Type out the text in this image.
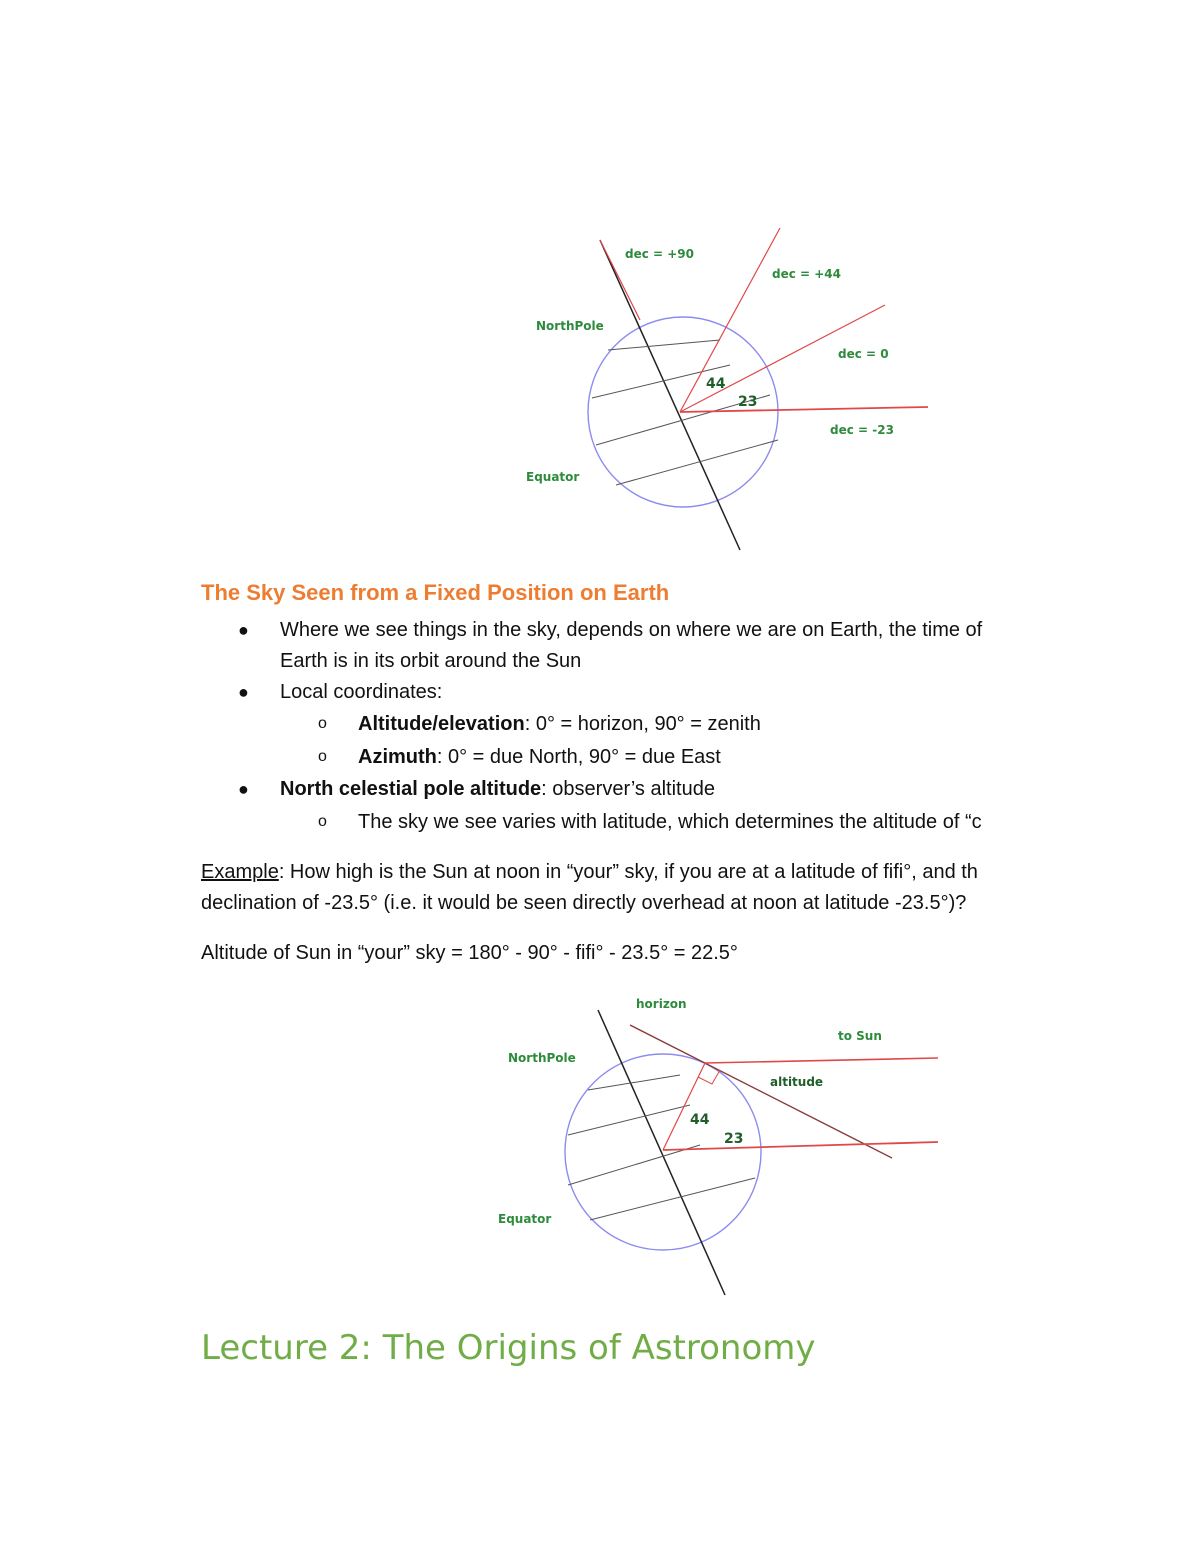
dec = +90
dec = +44
dec = 0
dec = -23
NorthPole
Equator
44
23
The Sky Seen from a Fixed Position on Earth
● Where we see things in the sky, depends on where we are on Earth, the time of
Earth is in its orbit around the Sun
● Local coordinates:
o Altitude/elevation: 0° = horizon, 90° = zenith
o Azimuth: 0° = due North, 90° = due East
● North celestial pole altitude: observer’s altitude
o The sky we see varies with latitude, which determines the altitude of “c
Example: How high is the Sun at noon in “your” sky, if you are at a latitude of fifi°, and th
declination of -23.5° (i.e. it would be seen directly overhead at noon at latitude -23.5°)?
Altitude of Sun in “your” sky = 180° - 90° - fifi° - 23.5° = 22.5°
horizon
to Sun
altitude
NorthPole
Equator
44
23
Lecture 2: The Origins of Astronomy
